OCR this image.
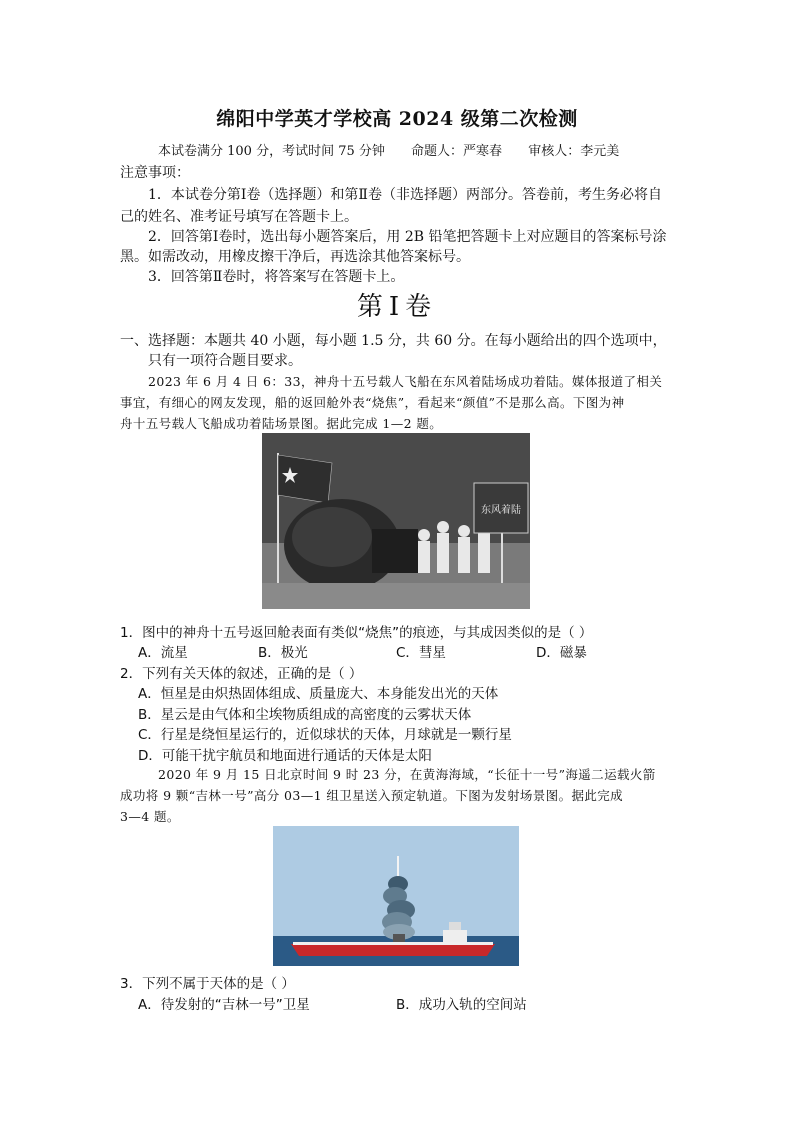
绵阳中学英才学校高 2024 级第二次检测
本试卷满分 100 分，考试时间 75 分钟 命题人：严寒春 审核人：李元美
注意事项：
1．本试卷分第Ⅰ卷（选择题）和第Ⅱ卷（非选择题）两部分。答卷前，考生务必将自
己的姓名、准考证号填写在答题卡上。
2．回答第Ⅰ卷时，选出每小题答案后，用 2B 铅笔把答题卡上对应题目的答案标号涂
黑。如需改动，用橡皮擦干净后，再选涂其他答案标号。
3．回答第Ⅱ卷时，将答案写在答题卡上。
第Ⅰ卷
一、选择题：本题共 40 小题，每小题 1.5 分，共 60 分。在每小题给出的四个选项中，
只有一项符合题目要求。
2023 年 6 月 4 日 6：33，神舟十五号载人飞船在东风着陆场成功着陆。媒体报道了相关
事宜，有细心的网友发现，船的返回舱外表“烧焦”，看起来“颜值”不是那么高。下图为神
舟十五号载人飞船成功着陆场景图。据此完成 1—2 题。
东风着陆
1．图中的神舟十五号返回舱表面有类似“烧焦”的痕迹，与其成因类似的是（ ）
A．流星	B．极光	C．彗星	D．磁暴
2．下列有关天体的叙述，正确的是（ ）
A．恒星是由炽热固体组成、质量庞大、本身能发出光的天体
B．星云是由气体和尘埃物质组成的高密度的云雾状天体
C．行星是绕恒星运行的，近似球状的天体，月球就是一颗行星
D．可能干扰宇航员和地面进行通话的天体是太阳
2020 年 9 月 15 日北京时间 9 时 23 分，在黄海海域，“长征十一号”海遥二运载火箭
成功将 9 颗“吉林一号”高分 03—1 组卫星送入预定轨道。下图为发射场景图。据此完成
3—4 题。
3．下列不属于天体的是（ ）
A．待发射的“吉林一号”卫星	B．成功入轨的空间站
